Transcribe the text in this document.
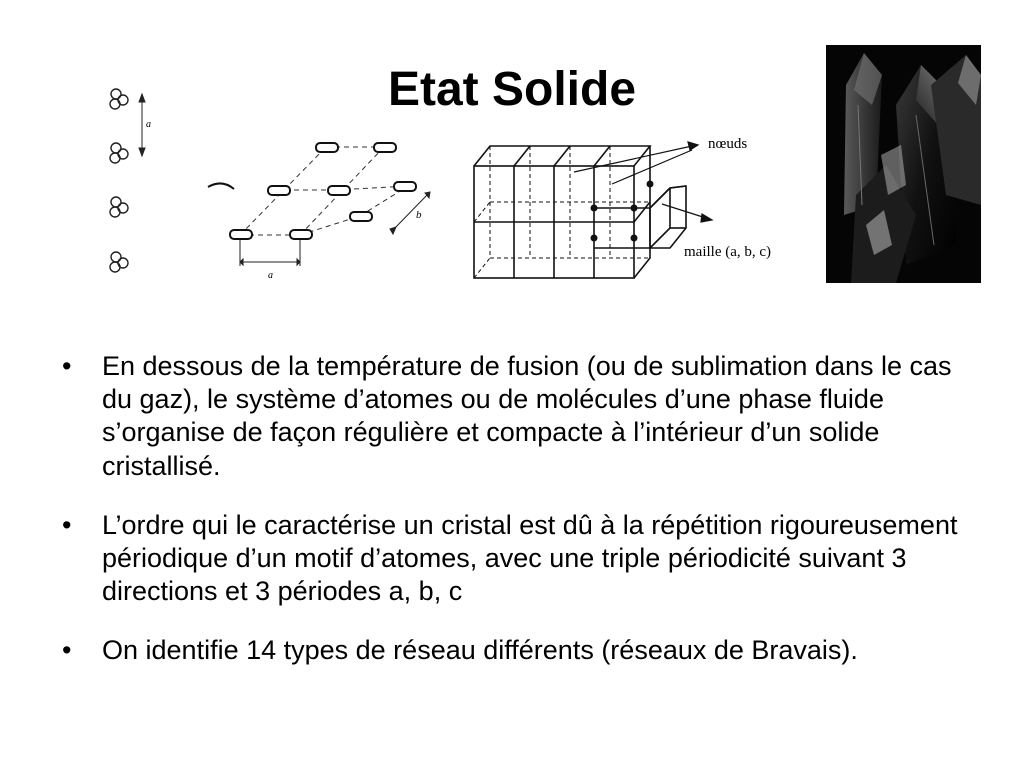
Etat Solide
a
a
b
nœuds
maille (a, b, c)
• En dessous de la température de fusion (ou de sublimation dans le cas du gaz), le système d’atomes ou de molécules d’une phase fluide s’organise de façon régulière et compacte à l’intérieur d’un solide cristallisé.
• L’ordre qui le caractérise un cristal est dû à la répétition rigoureusement périodique d’un motif d’atomes, avec une triple périodicité suivant 3 directions et 3 périodes a, b, c
• On identifie 14 types de réseau différents (réseaux de Bravais).
